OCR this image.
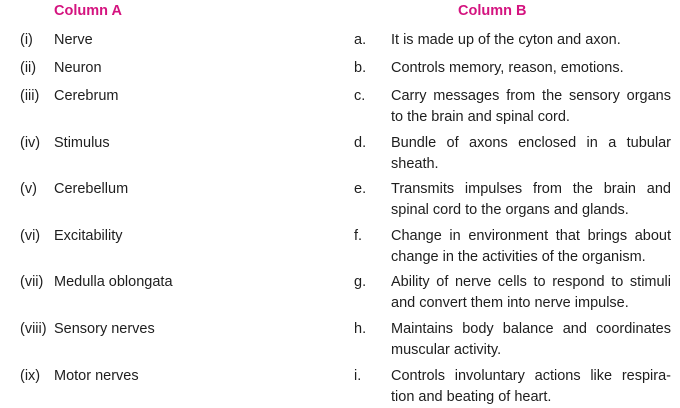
Column A	Column B
(i) Nerve	a. It is made up of the cyton and axon.
(ii) Neuron	b. Controls memory, reason, emotions.
(iii) Cerebrum	c. Carry messages from the sensory organs to the brain and spinal cord.
(iv) Stimulus	d. Bundle of axons enclosed in a tubular sheath.
(v) Cerebellum	e. Transmits impulses from the brain and spinal cord to the organs and glands.
(vi) Excitability	f. Change in environment that brings about change in the activities of the organism.
(vii) Medulla oblongata	g. Ability of nerve cells to respond to stimuli and convert them into nerve impulse.
(viii) Sensory nerves	h. Maintains body balance and coordinates muscular activity.
(ix) Motor nerves	i. Controls involuntary actions like respira-tion and beating of heart.
